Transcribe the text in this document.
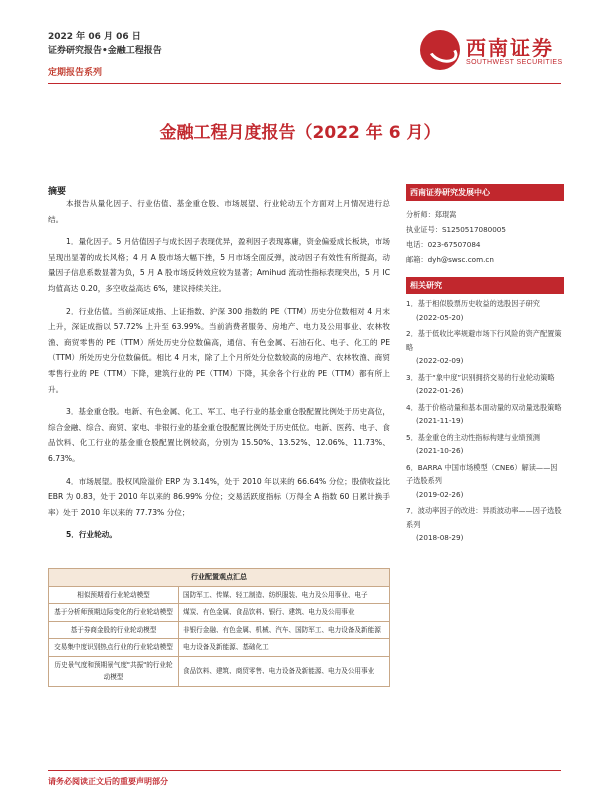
2022 年 06 月 06 日
证券研究报告•金融工程报告
定期报告系列
西南证券
SOUTHWEST SECURITIES
金融工程月度报告（2022 年 6 月）
摘要

本报告从量化因子、行业估值、基金重仓股、市场展望、行业轮动五个方面对上月情况进行总结。

1．量化因子。5 月估值因子与成长因子表现优异，盈利因子表现寡庸，资金偏爱成长板块，市场呈现出显著的成长风格；4 月 A 股市场大幅下挫，5 月市场全面反弹，波动因子有效性有所提高，动量因子信息系数显著为负，5 月 A 股市场反转效应较为显著；Amihud 流动性指标表现突出，5 月 IC 均值高达 0.20，多空收益高达 6%，建议持续关注。

2．行业估值。当前深证成指、上证指数、沪深 300 指数的 PE（TTM）历史分位数相对 4 月末上升，深证成指以 57.72% 上升至 63.99%。当前消费者服务、房地产、电力及公用事业、农林牧渔、商贸零售的 PE（TTM）所处历史分位数偏高，通信、有色金属、石油石化、电子、化工的 PE（TTM）所处历史分位数偏低。相比 4 月末，除了上个月所处分位数较高的房地产、农林牧渔、商贸零售行业的 PE（TTM）下降，建筑行业的 PE（TTM）下降，其余各个行业的 PE（TTM）都有所上升。

3．基金重仓股。电新、有色金属、化工、军工、电子行业的基金重仓股配置比例处于历史高位，综合金融、综合、商贸、家电、非银行业的基金重仓股配置比例处于历史低位。电新、医药、电子、食品饮料、化工行业的基金重仓股配置比例较高，分别为 15.50%、13.52%、12.06%、11.73%、6.73%。

4．市场展望。股权风险溢价 ERP 为 3.14%，处于 2010 年以来的 66.64% 分位；股债收益比 EBR 为 0.83，处于 2010 年以来的 86.99% 分位；交易活跃度指标（万得全 A 指数 60 日累计换手率）处于 2010 年以来的 77.73% 分位；

5．行业轮动。
行业配置观点汇总	
相似预期看行业轮动模型	国防军工、传媒、轻工制造、纺织服装、电力及公用事业、电子
基于分析师预期边际变化的行业轮动模型	煤炭、有色金属、食品饮料、银行、建筑、电力及公用事业
基于券商金股的行业轮动模型	非银行金融、有色金属、机械、汽车、国防军工、电力设备及新能源
交易集中度识别热点行业的行业轮动模型	电力设备及新能源、基础化工
历史景气度和预期景气度"共振"的行业轮动模型	食品饮料、建筑、商贸零售、电力设备及新能源、电力及公用事业
西南证券研究发展中心
分析师：郑琨嵩
执业证号：S1250517080005
电话：023-67507084
邮箱：dyh@swsc.com.cn
相关研究
1．基于相似股票历史收益的选股因子研究
(2022-05-20)
2．基于低收比率规避市场下行风险的资产配置策略
(2022-02-09)
3．基于“象中度”识别拥挤交易的行业轮动策略
(2022-01-26)
4．基于价格动量和基本面动量的双动量选股策略
(2021-11-19)
5．基金重仓的主动性指标构建与业绩预测
(2021-10-26)
6．BARRA 中国市场模型（CNE6）解读——因子选股系列
(2019-02-26)
7．波动率因子的改进：异质波动率——因子选股系列
(2018-08-29)
请务必阅读正文后的重要声明部分
